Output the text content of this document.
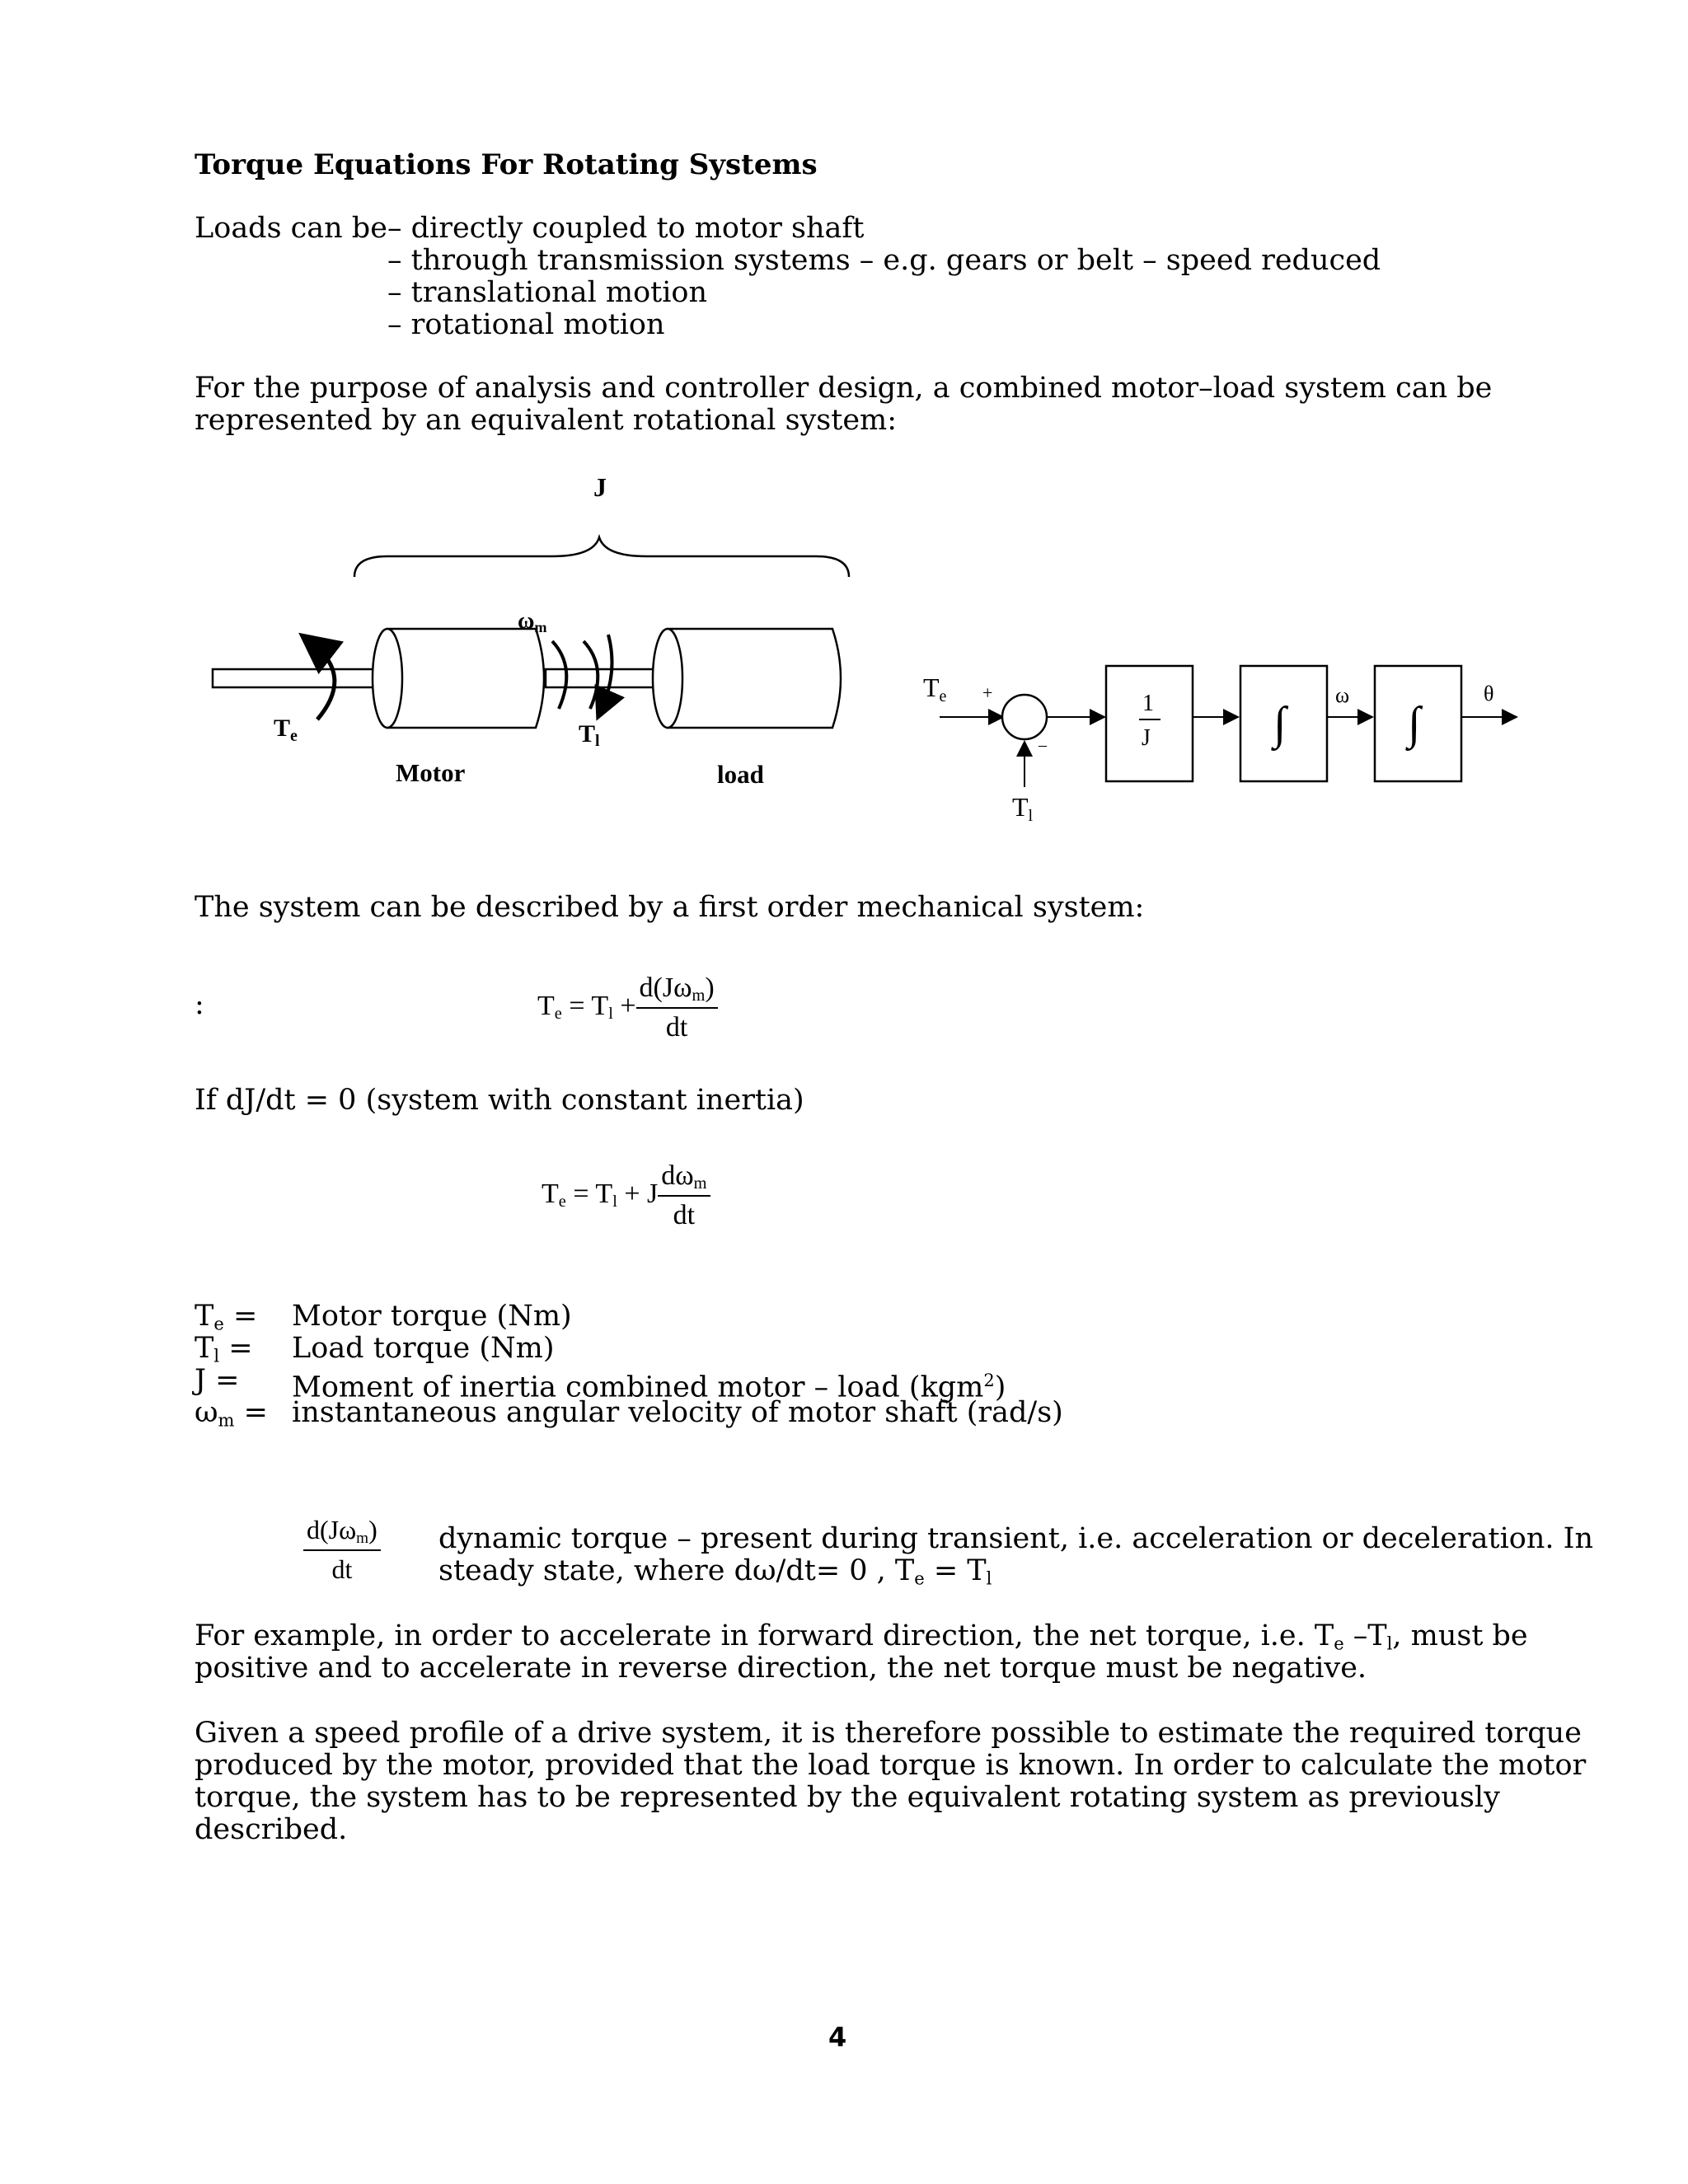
Torque Equations For Rotating Systems
Loads can be – directly coupled to motor shaft
– through transmission systems – e.g. gears or belt – speed reduced
– translational motion
– rotational motion
For the purpose of analysis and controller design, a combined motor–load system can be
represented by an equivalent rotational system:
J
$T_e$
ωm
Tl
Motor	load
Te +
–
Tl
1
J	∫
ω
∫
θ
The system can be described by a first order mechanical system:
:	$T_e = T_l + \frac{d(J\omega_m)}{dt}$
If dJ/dt = 0 (system with constant inertia)
$T_e = T_l + J \frac{d\omega_m}{dt}$
$T_e$ = Motor torque (Nm)
$T_l$ = Load torque (Nm)
J = Moment of inertia combined motor – load (kgm$^2$)
$\omega_m$ = instantaneous angular velocity of motor shaft (rad/s)
$\frac{d(J\omega_m)}{dt}$ dynamic torque – present during transient, i.e. acceleration or deceleration. In
steady state, where dω/dt= 0 , $T_e = T_l$
For example, in order to accelerate in forward direction, the net torque, i.e. $T_e$ $-T_l$, must be
positive and to accelerate in reverse direction, the net torque must be negative.
Given a speed profile of a drive system, it is therefore possible to estimate the required torque
produced by the motor, provided that the load torque is known. In order to calculate the motor
torque, the system has to be represented by the equivalent rotating system as previously
described.
4
